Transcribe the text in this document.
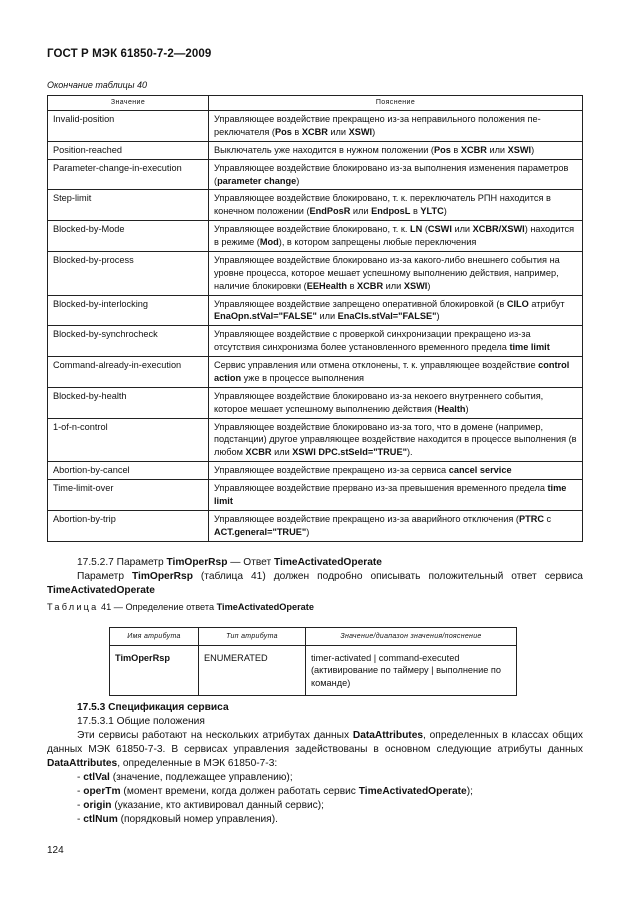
ГОСТ Р МЭК 61850-7-2—2009
Окончание таблицы 40
Значение	Пояснение
Invalid-position	Управляющее воздействие прекращено из-за неправильного положения переключателя (Pos в XCBR или XSWI)
Position-reached	Выключатель уже находится в нужном положении (Pos в XCBR или XSWI)
Parameter-change-in-execution	Управляющее воздействие блокировано из-за выполнения изменения параметров (parameter change)
Step-limit	Управляющее воздействие блокировано, т. к. переключатель РПН находится в конечном положении (EndPosR или EndposL в YLTC)
Blocked-by-Mode	Управляющее воздействие блокировано, т. к. LN (CSWI или XCBR/XSWI) находится в режиме (Mod), в котором запрещены любые переключения
Blocked-by-process	Управляющее воздействие блокировано из-за какого-либо внешнего события на уровне процесса, которое мешает успешному выполнению действия, например, наличие блокировки (EEHealth в XCBR или XSWI)
Blocked-by-interlocking	Управляющее воздействие запрещено оперативной блокировкой (в CILO атрибут EnaOpn.stVal="FALSE" или EnaCls.stVal="FALSE")
Blocked-by-synchrocheck	Управляющее воздействие с проверкой синхронизации прекращено из-за отсутствия синхронизма более установленного временного предела time limit
Command-already-in-execution	Сервис управления или отмена отклонены, т. к. управляющее воздействие control action уже в процессе выполнения
Blocked-by-health	Управляющее воздействие блокировано из-за некоего внутреннего события, которое мешает успешному выполнению действия (Health)
1-of-n-control	Управляющее воздействие блокировано из-за того, что в домене (например, подстанции) другое управляющее воздействие находится в процессе выполнения (в любом XCBR или XSWI DPC.stSeld="TRUE").
Abortion-by-cancel	Управляющее воздействие прекращено из-за сервиса cancel service
Time-limit-over	Управляющее воздействие прервано из-за превышения временного предела time limit
Abortion-by-trip	Управляющее воздействие прекращено из-за аварийного отключения (PTRC с ACT.general="TRUE")
17.5.2.7 Параметр TimOperRsp — Ответ TimeActivatedOperate
Параметр TimOperRsp (таблица 41) должен подробно описывать положительный ответ сервиса TimeActivatedOperate
Таблица 41 — Определение ответа TimeActivatedOperate
Имя атрибута	Тип атрибута	Значение/диапазон значения/пояснение
TimOperRsp	ENUMERATED	timer-activated | command-executed (активирование по таймеру | выполнение по команде)
17.5.3 Спецификация сервиса
17.5.3.1 Общие положения
Эти сервисы работают на нескольких атрибутах данных DataAttributes, определенных в классах общих данных МЭК 61850-7-3. В сервисах управления задействованы в основном следующие атрибуты данных DataAttributes, определенные в МЭК 61850-7-3:
- ctlVal (значение, подлежащее управлению);
- operTm (момент времени, когда должен работать сервис TimeActivatedOperate);
- origin (указание, кто активировал данный сервис);
- ctlNum (порядковый номер управления).
124
